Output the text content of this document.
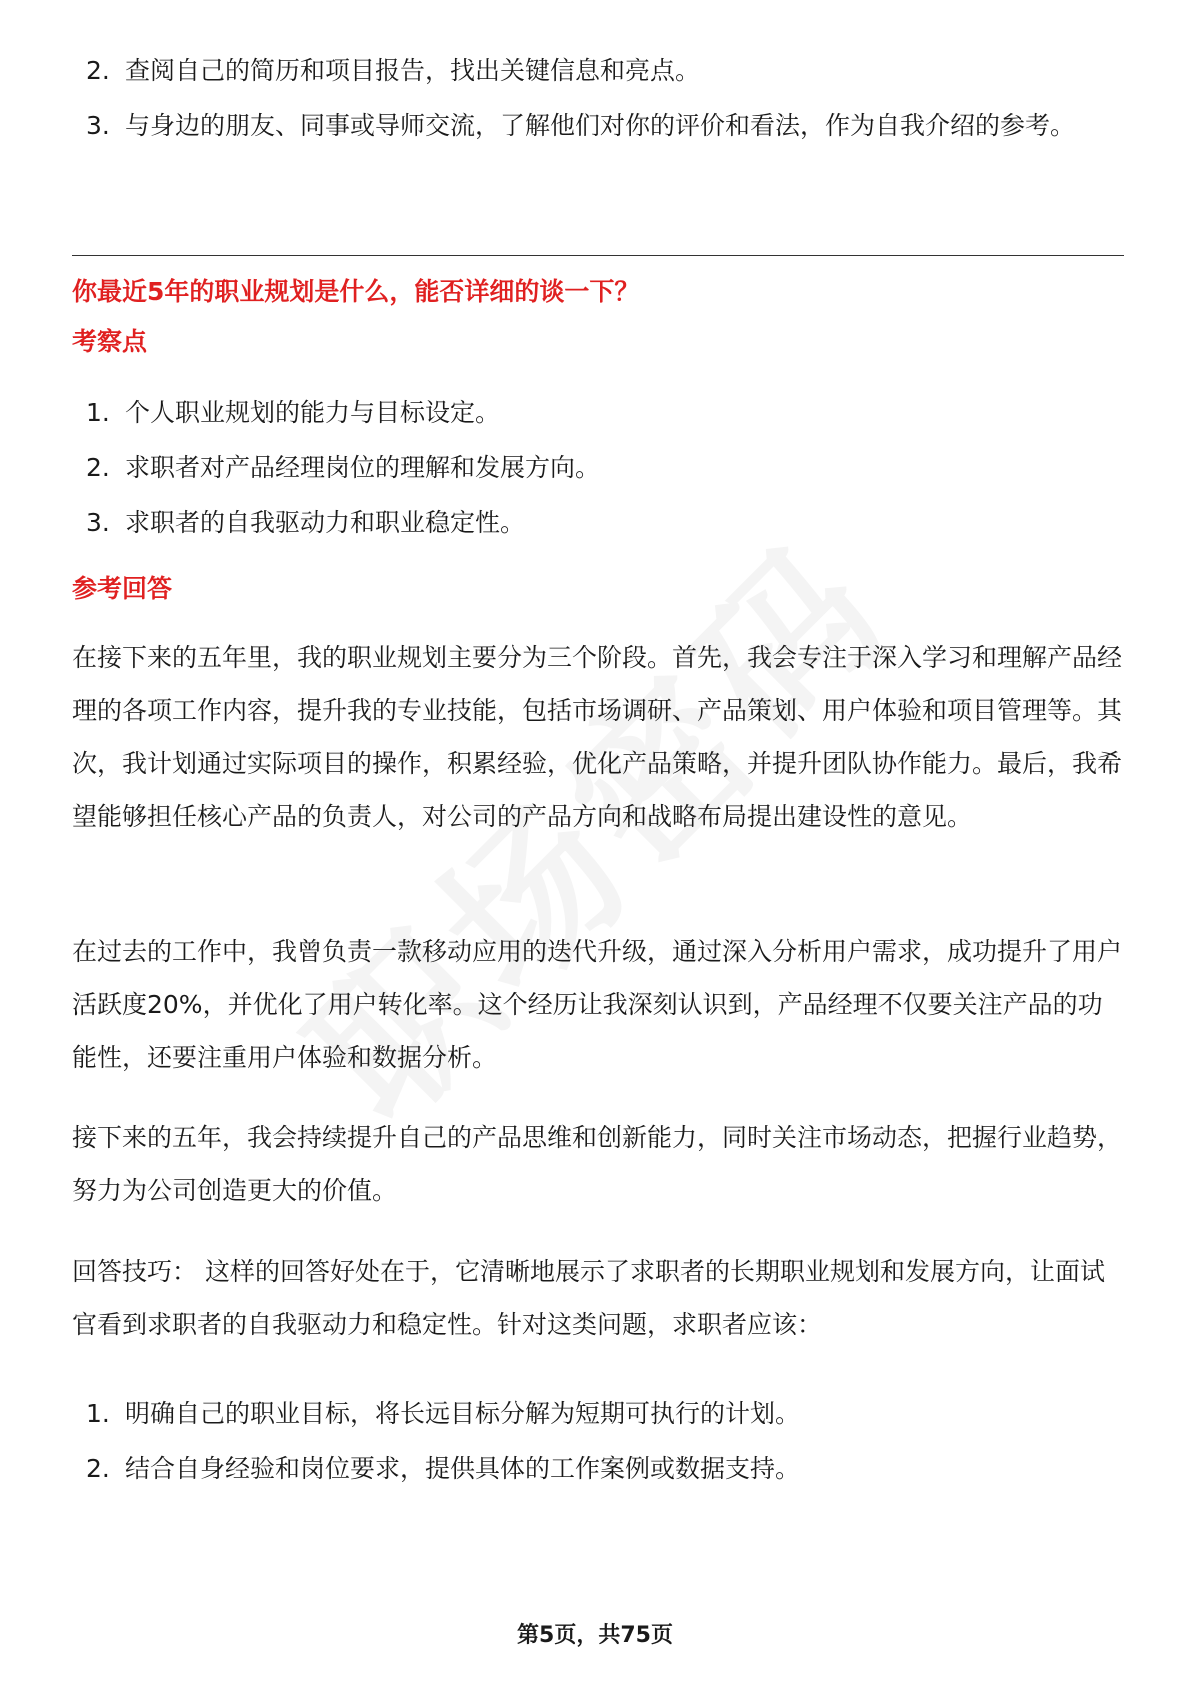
2. 查阅自己的简历和项目报告，找出关键信息和亮点。
3. 与身边的朋友、同事或导师交流，了解他们对你的评价和看法，作为自我介绍的参考。
你最近5年的职业规划是什么，能否详细的谈一下？
考察点
1. 个人职业规划的能力与目标设定。
2. 求职者对产品经理岗位的理解和发展方向。
3. 求职者的自我驱动力和职业稳定性。
参考回答
在接下来的五年里，我的职业规划主要分为三个阶段。首先，我会专注于深入学习和理解产品经理的各项工作内容，提升我的专业技能，包括市场调研、产品策划、用户体验和项目管理等。其次，我计划通过实际项目的操作，积累经验，优化产品策略，并提升团队协作能力。最后，我希望能够担任核心产品的负责人，对公司的产品方向和战略布局提出建设性的意见。
在过去的工作中，我曾负责一款移动应用的迭代升级，通过深入分析用户需求，成功提升了用户活跃度20%，并优化了用户转化率。这个经历让我深刻认识到，产品经理不仅要关注产品的功能性，还要注重用户体验和数据分析。
接下来的五年，我会持续提升自己的产品思维和创新能力，同时关注市场动态，把握行业趋势，努力为公司创造更大的价值。
回答技巧： 这样的回答好处在于，它清晰地展示了求职者的长期职业规划和发展方向，让面试官看到求职者的自我驱动力和稳定性。针对这类问题，求职者应该：
1. 明确自己的职业目标，将长远目标分解为短期可执行的计划。
2. 结合自身经验和岗位要求，提供具体的工作案例或数据支持。
第5页，共75页
